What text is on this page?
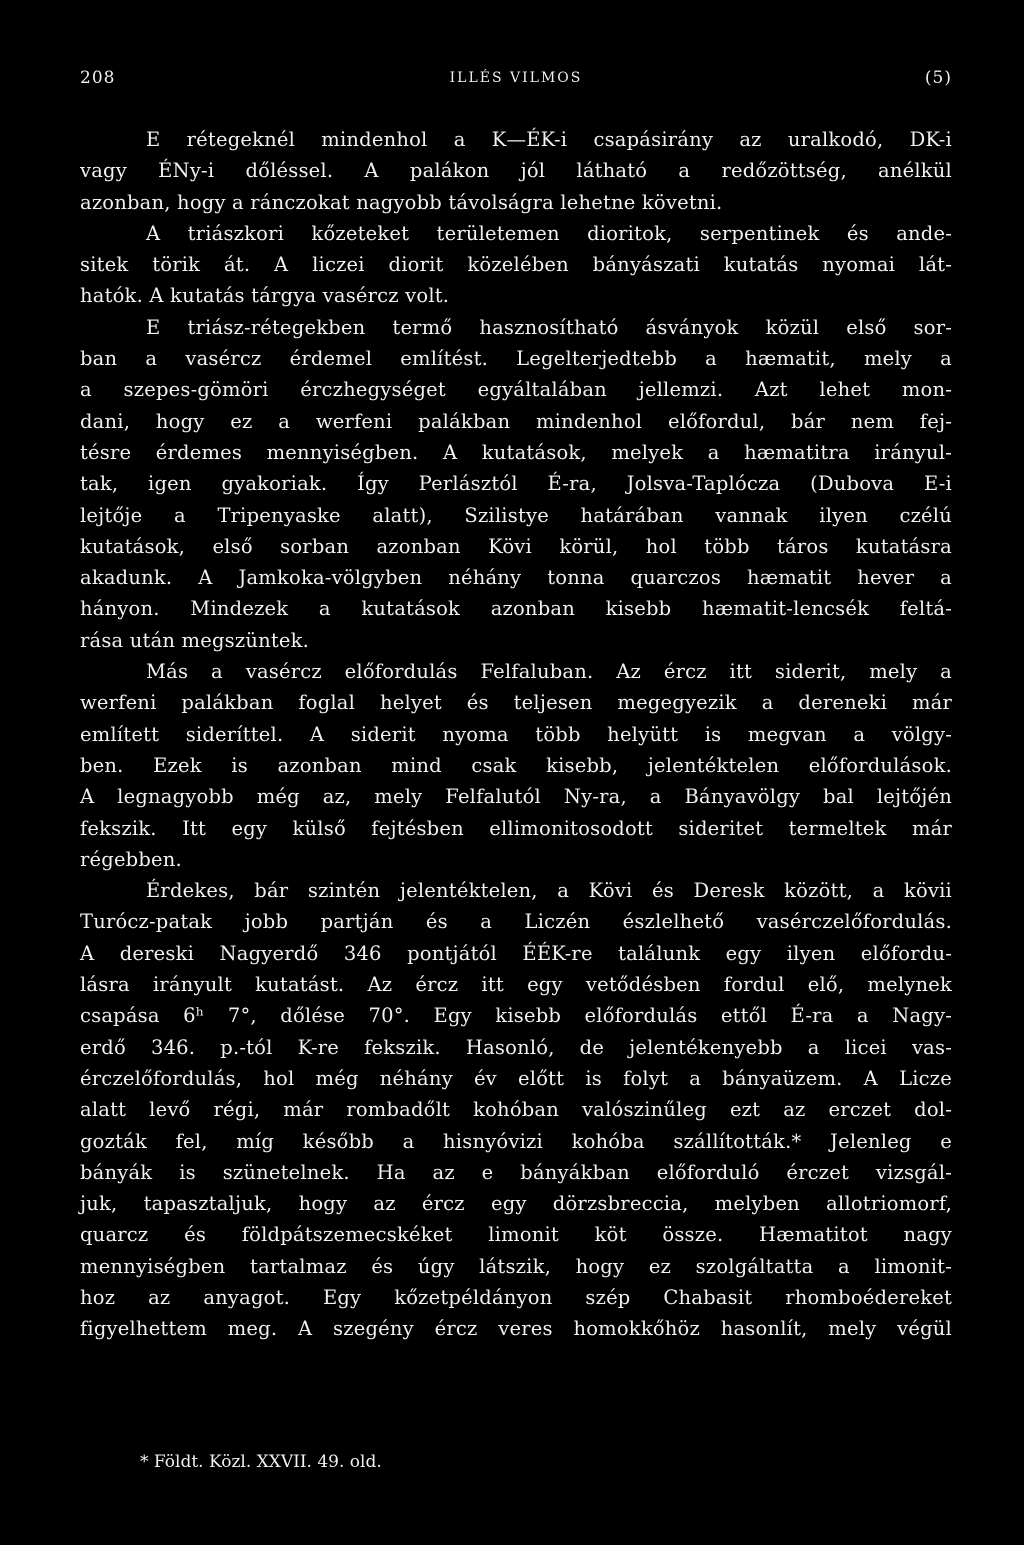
208	ILLÉS VILMOS	(5)
E rétegeknél mindenhol a K—ÉK-i csapásirány az uralkodó, DK-i
vagy ÉNy-i dőléssel. A palákon jól látható a redőzöttség, anélkül
azonban, hogy a ránczokat nagyobb távolságra lehetne követni.
A triászkori kőzeteket területemen dioritok, serpentinek és ande-
sitek törik át. A liczei diorit közelében bányászati kutatás nyomai lát-
hatók. A kutatás tárgya vasércz volt.
E triász-rétegekben termő hasznosítható ásványok közül első sor-
ban a vasércz érdemel említést. Legelterjedtebb a hæmatit, mely a
a szepes-gömöri érczhegységet egyáltalában jellemzi. Azt lehet mon-
dani, hogy ez a werfeni palákban mindenhol előfordul, bár nem fej-
tésre érdemes mennyiségben. A kutatások, melyek a hæmatitra irányul-
tak, igen gyakoriak. Így Perlásztól É-ra, Jolsva-Taplócza (Dubova E-i
lejtője a Tripenyaske alatt), Szilistye határában vannak ilyen czélú
kutatások, első sorban azonban Kövi körül, hol több táros kutatásra
akadunk. A Jamkoka-völgyben néhány tonna quarczos hæmatit hever a
hányon. Mindezek a kutatások azonban kisebb hæmatit-lencsék feltá-
rása után megszüntek.
Más a vasércz előfordulás Felfaluban. Az ércz itt siderit, mely a
werfeni palákban foglal helyet és teljesen megegyezik a dereneki már
említett sideríttel. A siderit nyoma több helyütt is megvan a völgy-
ben. Ezek is azonban mind csak kisebb, jelentéktelen előfordulások.
A legnagyobb még az, mely Felfalutól Ny-ra, a Bányavölgy bal lejtőjén
fekszik. Itt egy külső fejtésben ellimonitosodott sideritet termeltek már
régebben.
Érdekes, bár szintén jelentéktelen, a Kövi és Deresk között, a kövii
Turócz-patak jobb partján és a Liczén észlelhető vasérczelőfordulás.
A dereski Nagyerdő 346 pontjától ÉÉK-re találunk egy ilyen előfordu-
lásra irányult kutatást. Az ércz itt egy vetődésben fordul elő, melynek
csapása 6ʰ 7°, dőlése 70°. Egy kisebb előfordulás ettől É-ra a Nagy-
erdő 346. p.-tól K-re fekszik. Hasonló, de jelentékenyebb a licei vas-
érczelőfordulás, hol még néhány év előtt is folyt a bányaüzem. A Licze
alatt levő régi, már rombadőlt kohóban valószinűleg ezt az erczet dol-
gozták fel, míg később a hisnyóvizi kohóba szállították.* Jelenleg e
bányák is szünetelnek. Ha az e bányákban előforduló érczet vizsgál-
juk, tapasztaljuk, hogy az ércz egy dörzsbreccia, melyben allotriomorf,
quarcz és földpátszemecskéket limonit köt össze. Hæmatitot nagy
mennyiségben tartalmaz és úgy látszik, hogy ez szolgáltatta a limonit-
hoz az anyagot. Egy kőzetpéldányon szép Chabasit rhomboédereket
figyelhettem meg. A szegény ércz veres homokkőhöz hasonlít, mely végül
* Földt. Közl. XXVII. 49. old.
